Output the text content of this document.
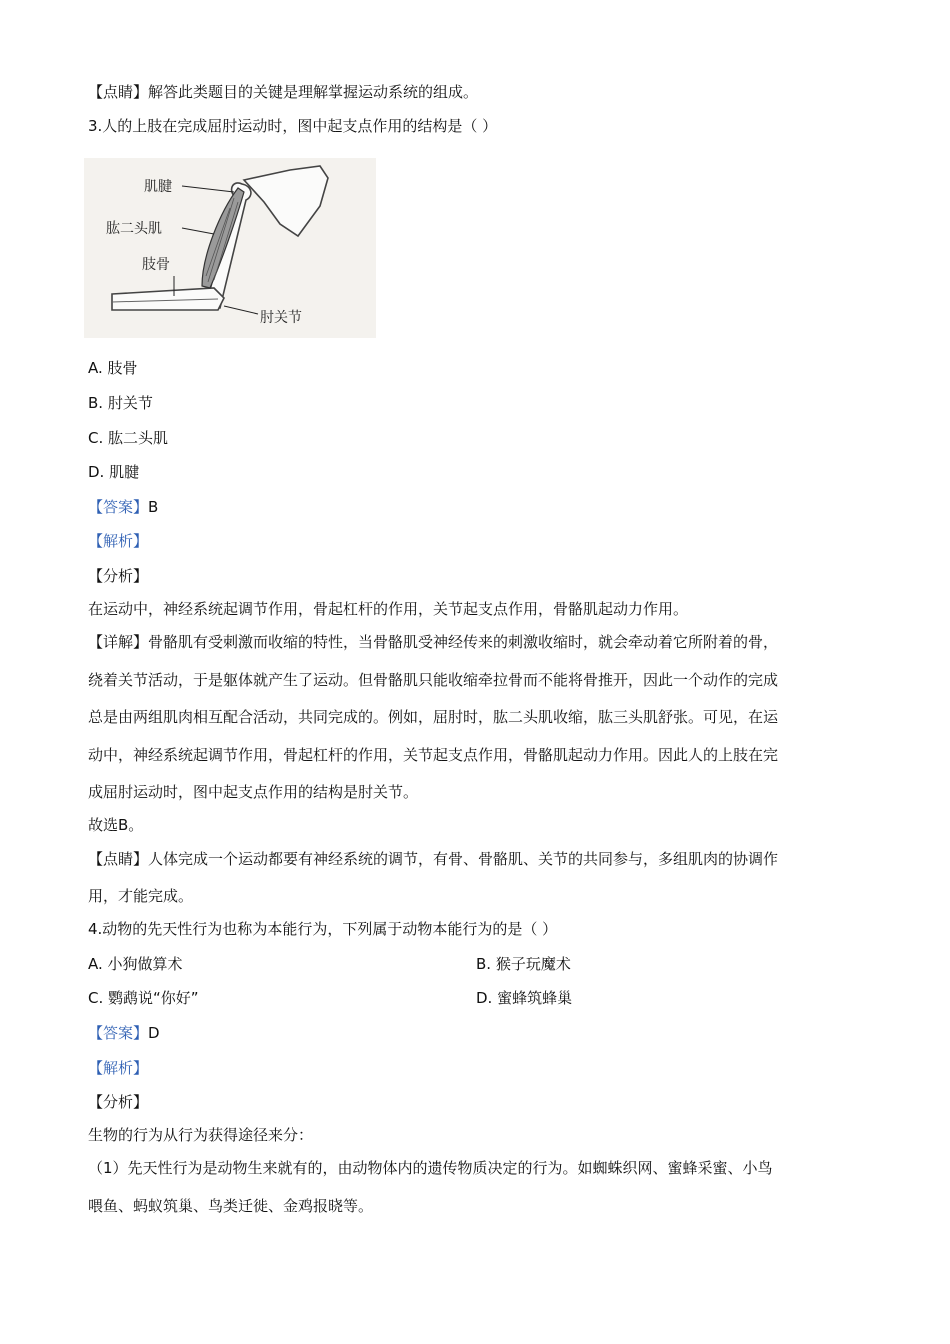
【点睛】解答此类题目的关键是理解掌握运动系统的组成。
3.人的上肢在完成屈肘运动时，图中起支点作用的结构是（ ）
肌腱
肱二头肌
肢骨
肘关节
A. 肢骨
B. 肘关节
C. 肱二头肌
D. 肌腱
【答案】B
【解析】
【分析】
在运动中，神经系统起调节作用，骨起杠杆的作用，关节起支点作用，骨骼肌起动力作用。
【详解】骨骼肌有受刺激而收缩的特性，当骨骼肌受神经传来的刺激收缩时，就会牵动着它所附着的骨，
绕着关节活动，于是躯体就产生了运动。但骨骼肌只能收缩牵拉骨而不能将骨推开，因此一个动作的完成
总是由两组肌肉相互配合活动，共同完成的。例如，屈肘时，肱二头肌收缩，肱三头肌舒张。可见，在运
动中，神经系统起调节作用，骨起杠杆的作用，关节起支点作用，骨骼肌起动力作用。因此人的上肢在完
成屈肘运动时，图中起支点作用的结构是肘关节。
故选B。
【点睛】人体完成一个运动都要有神经系统的调节，有骨、骨骼肌、关节的共同参与，多组肌肉的协调作
用，才能完成。
4.动物的先天性行为也称为本能行为，下列属于动物本能行为的是（ ）
A. 小狗做算术	B. 猴子玩魔术
C. 鹦鹉说“你好”	D. 蜜蜂筑蜂巢
【答案】D
【解析】
【分析】
生物的行为从行为获得途径来分：
（1）先天性行为是动物生来就有的，由动物体内的遗传物质决定的行为。如蜘蛛织网、蜜蜂采蜜、小鸟
喂鱼、蚂蚁筑巢、鸟类迁徙、金鸡报晓等。
